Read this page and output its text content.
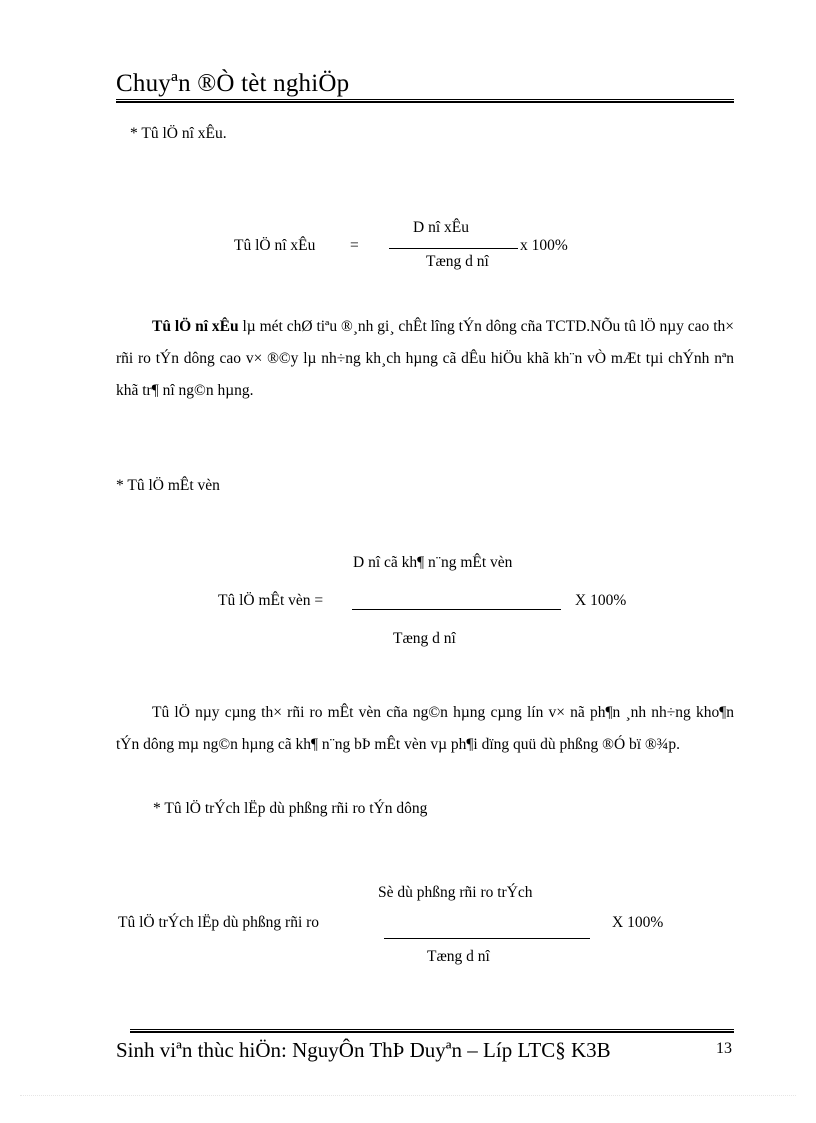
Chuyªn ®Ò tèt nghiÖp
* Tû lÖ nî xÊu.
D nî xÊu
Tû lÖ nî xÊu =	x 100%
Tæng d nî

Tû lÖ nî xÊu lµ mét chØ tiªu ®¸nh gi¸ chÊt lîng tÝn dông cña TCTD.NÕu tû lÖ nµy cao th× rñi ro tÝn dông cao v× ®©y lµ nh÷ng kh¸ch hµng cã dÊu hiÖu khã kh¨n vÒ mÆt tµi chÝnh nªn khã tr¶ nî ng©n hµng.

* Tû lÖ mÊt vèn
D nî cã kh¶ n¨ng mÊt vèn
Tû lÖ mÊt vèn =	X 100%
Tæng d nî

Tû lÖ nµy cµng th× rñi ro mÊt vèn cña ng©n hµng cµng lín v× nã ph¶n ¸nh nh÷ng kho¶n tÝn dông mµ ng©n hµng cã kh¶ n¨ng bÞ mÊt vèn vµ ph¶i dïng quü dù phßng ®Ó bï ®¾p.

* Tû lÖ trÝch lËp dù phßng rñi ro tÝn dông
Sè dù phßng rñi ro trÝch
Tû lÖ trÝch lËp dù phßng rñi ro	X 100%
Tæng d nî
Sinh viªn thùc hiÖn: NguyÔn ThÞ Duyªn – Líp LTC§ K3B	13
